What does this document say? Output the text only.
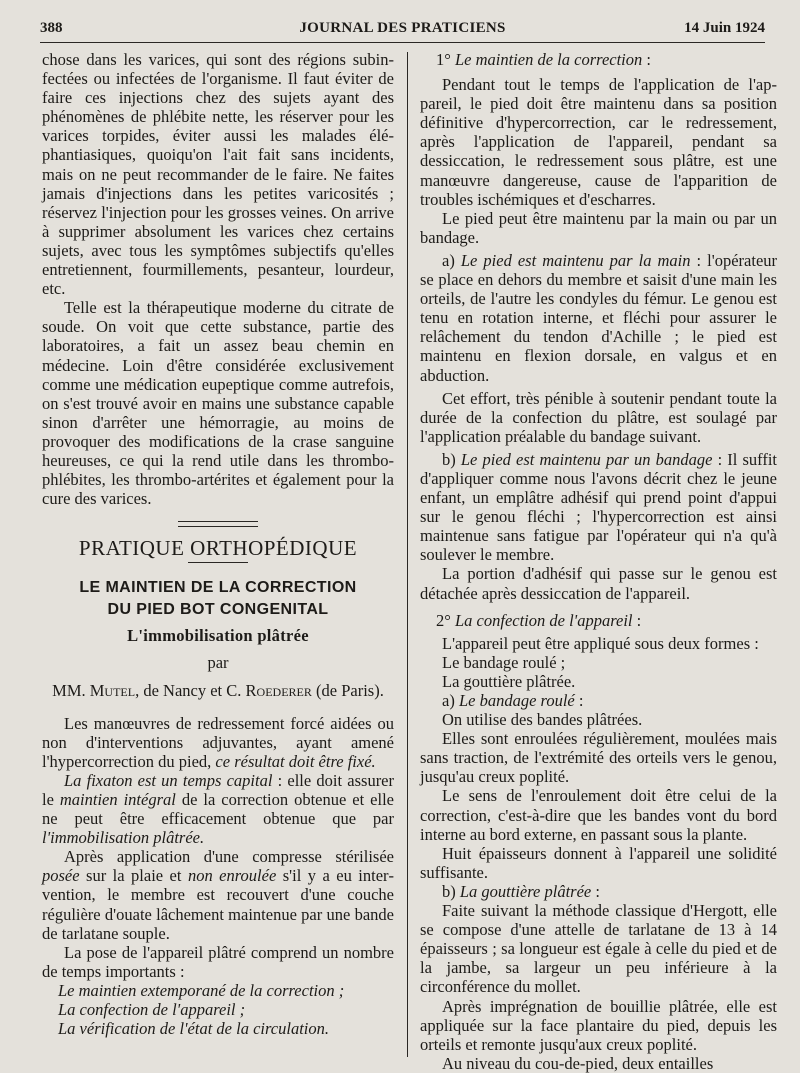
388	JOURNAL DES PRATICIENS	14 Juin 1924

chose dans les varices, qui sont des régions subinfectées ou infectées de l'organisme. Il faut éviter de faire ces injections chez des sujets ayant des phénomènes de phlébite nette, les réserver pour les varices torpides, éviter aussi les malades éléphantiasiques, quoiqu'on l'ait fait sans incidents, mais on ne peut recommander de le faire. Ne faites jamais d'injections dans les petites varicosités ; réservez l'injection pour les grosses veines. On arrive à supprimer absolument les varices chez certains sujets, avec tous les symptômes subjectifs qu'elles entretiennent, fourmillements, pesanteur, lourdeur, etc.

Telle est la thérapeutique moderne du citrate de soude. On voit que cette substance, partie des laboratoires, a fait un assez beau chemin en médecine. Loin d'être considérée exclusivement comme une médication eupeptique comme autrefois, on s'est trouvé avoir en mains une substance capable sinon d'arrêter une hémorragie, au moins de provoquer des modifications de la crase sanguine heureuses, ce qui la rend utile dans les thrombo-phlébites, les thrombo-artérites et également pour la cure des varices.

PRATIQUE ORTHOPÉDIQUE

LE MAINTIEN DE LA CORRECTION

DU PIED BOT CONGENITAL

L'immobilisation plâtrée

par

MM. Mutel, de Nancy et C. Roederer (de Paris).

Les manœuvres de redressement forcé aidées ou non d'interventions adjuvantes, ayant amené l'hypercorrection du pied, ce résultat doit être fixé.

La fixaton est un temps capital : elle doit assurer le maintien intégral de la correction obtenue et elle ne peut être efficacement obtenue que par l'immobilisation plâtrée.

Après application d'une compresse stérilisée posée sur la plaie et non enroulée s'il y a eu intervention, le membre est recouvert d'une couche régulière d'ouate lâchement maintenue par une bande de tarlatane souple.

La pose de l'appareil plâtré comprend un nombre de temps importants :

Le maintien extemporané de la correction ;

La confection de l'appareil ;

La vérification de l'état de la circulation.

1° Le maintien de la correction :

Pendant tout le temps de l'application de l'appareil, le pied doit être maintenu dans sa position définitive d'hypercorrection, car le redressement, après l'application de l'appareil, pendant sa dessiccation, le redressement sous plâtre, est une manœuvre dangereuse, cause de l'apparition de troubles ischémiques et d'escharres.

Le pied peut être maintenu par la main ou par un bandage.

a) Le pied est maintenu par la main : l'opérateur se place en dehors du membre et saisit d'une main les orteils, de l'autre les condyles du fémur. Le genou est tenu en rotation interne, et fléchi pour assurer le relâchement du tendon d'Achille ; le pied est maintenu en flexion dorsale, en valgus et en abduction.

Cet effort, très pénible à soutenir pendant toute la durée de la confection du plâtre, est soulagé par l'application préalable du bandage suivant.

b) Le pied est maintenu par un bandage : Il suffit d'appliquer comme nous l'avons décrit chez le jeune enfant, un emplâtre adhésif qui prend point d'appui sur le genou fléchi ; l'hypercorrection est ainsi maintenue sans fatigue par l'opérateur qui n'a qu'à soulever le membre.

La portion d'adhésif qui passe sur le genou est détachée après dessiccation de l'appareil.

2° La confection de l'appareil :

L'appareil peut être appliqué sous deux formes :

Le bandage roulé ;

La gouttière plâtrée.

a) Le bandage roulé :

On utilise des bandes plâtrées.

Elles sont enroulées régulièrement, moulées mais sans traction, de l'extrémité des orteils vers le genou, jusqu'au creux poplité.

Le sens de l'enroulement doit être celui de la correction, c'est-à-dire que les bandes vont du bord interne au bord externe, en passant sous la plante.

Huit épaisseurs donnent à l'appareil une solidité suffisante.

b) La gouttière plâtrée :

Faite suivant la méthode classique d'Hergott, elle se compose d'une attelle de tarlatane de 13 à 14 épaisseurs ; sa longueur est égale à celle du pied et de la jambe, sa largeur un peu inférieure à la circonférence du mollet.

Après imprégnation de bouillie plâtrée, elle est appliquée sur la face plantaire du pied, depuis les orteils et remonte jusqu'aux creux poplité.

Au niveau du cou-de-pied, deux entailles
